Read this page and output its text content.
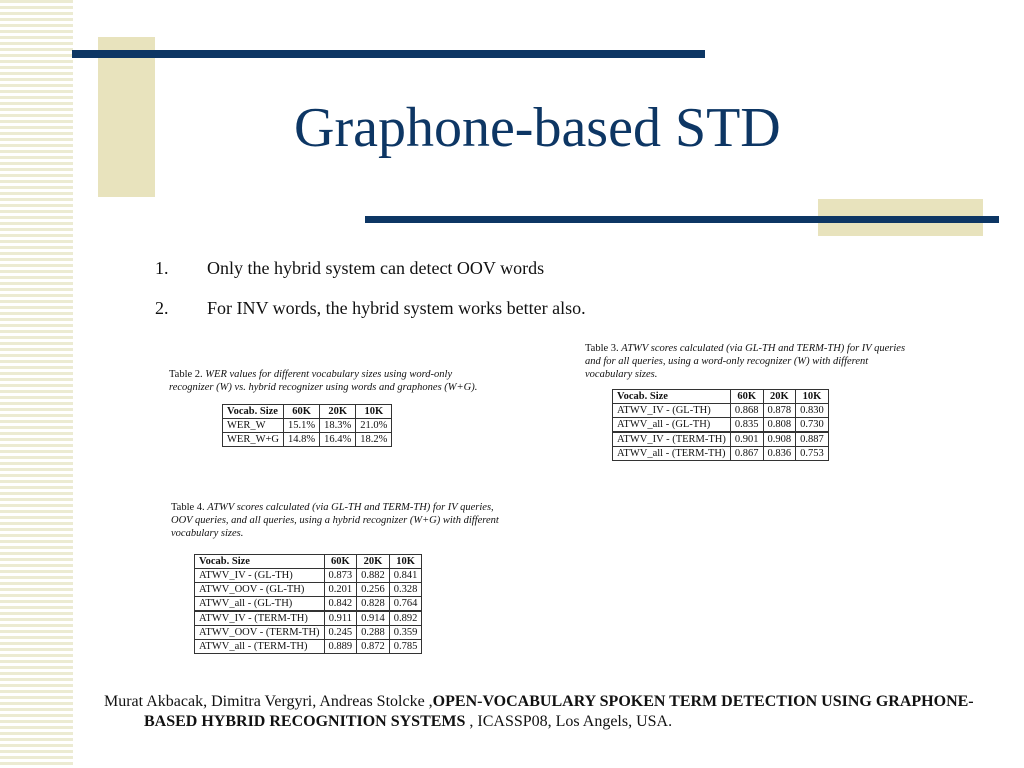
Graphone-based STD
1. Only the hybrid system can detect OOV words
2. For INV words, the hybrid system works better also.
Table 2. WER values for different vocabulary sizes using word-only recognizer (W) vs. hybrid recognizer using words and graphones (W+G).
Vocab. Size	60K	20K	10K
WER_W	15.1%	18.3%	21.0%
WER_W+G	14.8%	16.4%	18.2%
Table 3. ATWV scores calculated (via GL-TH and TERM-TH) for IV queries and for all queries, using a word-only recognizer (W) with different vocabulary sizes.
Vocab. Size	60K	20K	10K
ATWV_IV - (GL-TH)	0.868	0.878	0.830
ATWV_all - (GL-TH)	0.835	0.808	0.730
ATWV_IV - (TERM-TH)	0.901	0.908	0.887
ATWV_all - (TERM-TH)	0.867	0.836	0.753
Table 4. ATWV scores calculated (via GL-TH and TERM-TH) for IV queries, OOV queries, and all queries, using a hybrid recognizer (W+G) with different vocabulary sizes.
Vocab. Size	60K	20K	10K
ATWV_IV - (GL-TH)	0.873	0.882	0.841
ATWV_OOV - (GL-TH)	0.201	0.256	0.328
ATWV_all - (GL-TH)	0.842	0.828	0.764
ATWV_IV - (TERM-TH)	0.911	0.914	0.892
ATWV_OOV - (TERM-TH)	0.245	0.288	0.359
ATWV_all - (TERM-TH)	0.889	0.872	0.785

Murat Akbacak, Dimitra Vergyri, Andreas Stolcke ,OPEN-VOCABULARY SPOKEN TERM DETECTION USING GRAPHONE-BASED HYBRID RECOGNITION SYSTEMS , ICASSP08, Los Angels, USA.
